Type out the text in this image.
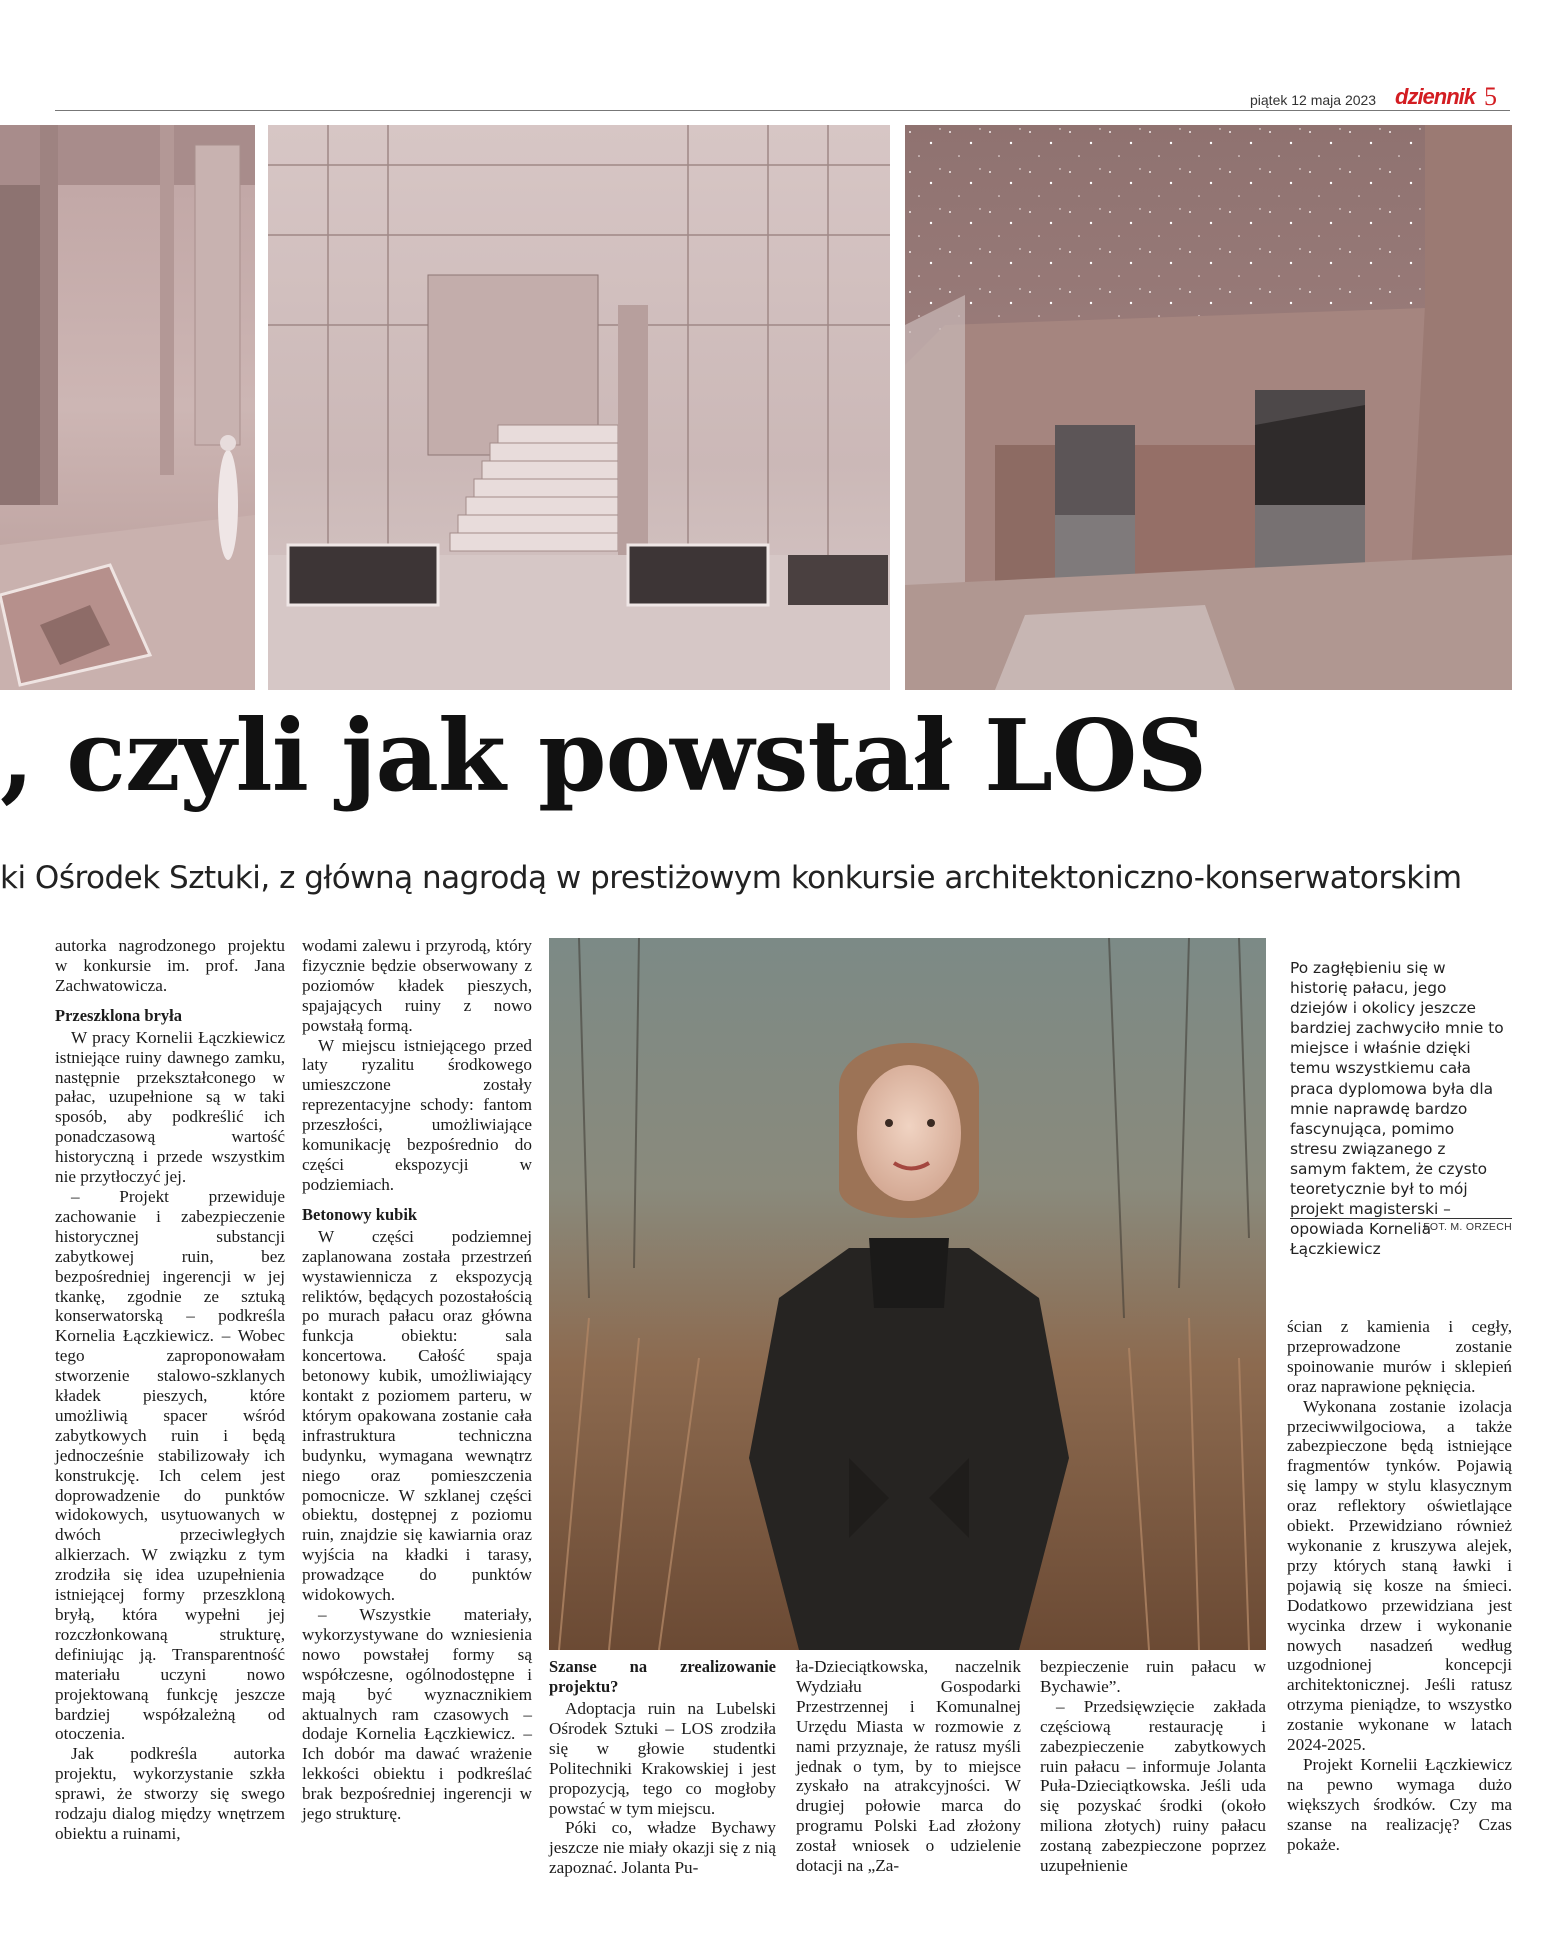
piątek 12 maja 2023 dziennik 5
, czyli jak powstał LOS
ki Ośrodek Sztuki, z główną nagrodą w prestiżowym konkursie architektoniczno-konserwatorskim

autorka nagrodzonego projektu w konkursie im. prof. Jana Zachwatowicza.

Przeszklona bryła

W pracy Kornelii Łączkiewicz istniejące ruiny dawnego zamku, następnie przekształconego w pałac, uzupełnione są w taki sposób, aby podkreślić ich ponadczasową wartość historyczną i przede wszystkim nie przytłoczyć jej.

– Projekt przewiduje zachowanie i zabezpieczenie historycznej substancji zabytkowej ruin, bez bezpośredniej ingerencji w jej tkankę, zgodnie ze sztuką konserwatorską – podkreśla Kornelia Łączkiewicz. – Wobec tego zaproponowałam stworzenie stalowo-szklanych kładek pieszych, które umożliwią spacer wśród zabytkowych ruin i będą jednocześnie stabilizowały ich konstrukcję. Ich celem jest doprowadzenie do punktów widokowych, usytuowanych w dwóch przeciwległych alkierzach. W związku z tym zrodziła się idea uzupełnienia istniejącej formy przeszkloną bryłą, która wypełni jej rozczłonkowaną strukturę, definiując ją. Transparentność materiału uczyni nowo projektowaną funkcję jeszcze bardziej współzależną od otoczenia.

Jak podkreśla autorka projektu, wykorzystanie szkła sprawi, że stworzy się swego rodzaju dialog między wnętrzem obiektu a ruinami,

wodami zalewu i przyrodą, który fizycznie będzie obserwowany z poziomów kładek pieszych, spajających ruiny z nowo powstałą formą.

W miejscu istniejącego przed laty ryzalitu środkowego umieszczone zostały reprezentacyjne schody: fantom przeszłości, umożliwiające komunikację bezpośrednio do części ekspozycji w podziemiach.

Betonowy kubik

W części podziemnej zaplanowana została przestrzeń wystawiennicza z ekspozycją reliktów, będących pozostałością po murach pałacu oraz główna funkcja obiektu: sala koncertowa. Całość spaja betonowy kubik, umożliwiający kontakt z poziomem parteru, w którym opakowana zostanie cała infrastruktura techniczna budynku, wymagana wewnątrz niego oraz pomieszczenia pomocnicze. W szklanej części obiektu, dostępnej z poziomu ruin, znajdzie się kawiarnia oraz wyjścia na kładki i tarasy, prowadzące do punktów widokowych.

– Wszystkie materiały, wykorzystywane do wzniesienia nowo powstałej formy są współczesne, ogólnodostępne i mają być wyznacznikiem aktualnych ram czasowych – dodaje Kornelia Łączkiewicz. – Ich dobór ma dawać wrażenie lekkości obiektu i podkreślać brak bezpośredniej ingerencji w jego strukturę.

Szanse na zrealizowanie projektu?

Adoptacja ruin na Lubelski Ośrodek Sztuki – LOS zrodziła się w głowie studentki Politechniki Krakowskiej i jest propozycją, tego co mogłoby powstać w tym miejscu.

Póki co, władze Bychawy jeszcze nie miały okazji się z nią zapoznać. Jolanta Pu-

ła-Dzieciątkowska, naczelnik Wydziału Gospodarki Przestrzennej i Komunalnej Urzędu Miasta w rozmowie z nami przyznaje, że ratusz myśli jednak o tym, by to miejsce zyskało na atrakcyjności. W drugiej połowie marca do programu Polski Ład złożony został wniosek o udzielenie dotacji na „Za-

bezpieczenie ruin pałacu w Bychawie”.

– Przedsięwzięcie zakłada częściową restaurację i zabezpieczenie zabytkowych ruin pałacu – informuje Jolanta Puła-Dzieciątkowska. Jeśli uda się pozyskać środki (około miliona złotych) ruiny pałacu zostaną zabezpieczone poprzez uzupełnienie

Po zagłębieniu się w historię pałacu, jego dziejów i okolicy jeszcze bardziej zachwyciło mnie to miejsce i właśnie dzięki temu wszystkiemu cała praca dyplomowa była dla mnie naprawdę bardzo fascynująca, pomimo stresu związanego z samym faktem, że czysto teoretycznie był to mój projekt magisterski – opowiada Kornelia Łączkiewicz
FOT. M. ORZECH

ścian z kamienia i cegły, przeprowadzone zostanie spoinowanie murów i sklepień oraz naprawione pęknięcia.

Wykonana zostanie izolacja przeciwwilgociowa, a także zabezpieczone będą istniejące fragmentów tynków. Pojawią się lampy w stylu klasycznym oraz reflektory oświetlające obiekt. Przewidziano również wykonanie z kruszywa alejek, przy których staną ławki i pojawią się kosze na śmieci. Dodatkowo przewidziana jest wycinka drzew i wykonanie nowych nasadzeń według uzgodnionej koncepcji architektonicznej. Jeśli ratusz otrzyma pieniądze, to wszystko zostanie wykonane w latach 2024-2025.

Projekt Kornelii Łączkiewicz na pewno wymaga dużo większych środków. Czy ma szanse na realizację? Czas pokaże.
